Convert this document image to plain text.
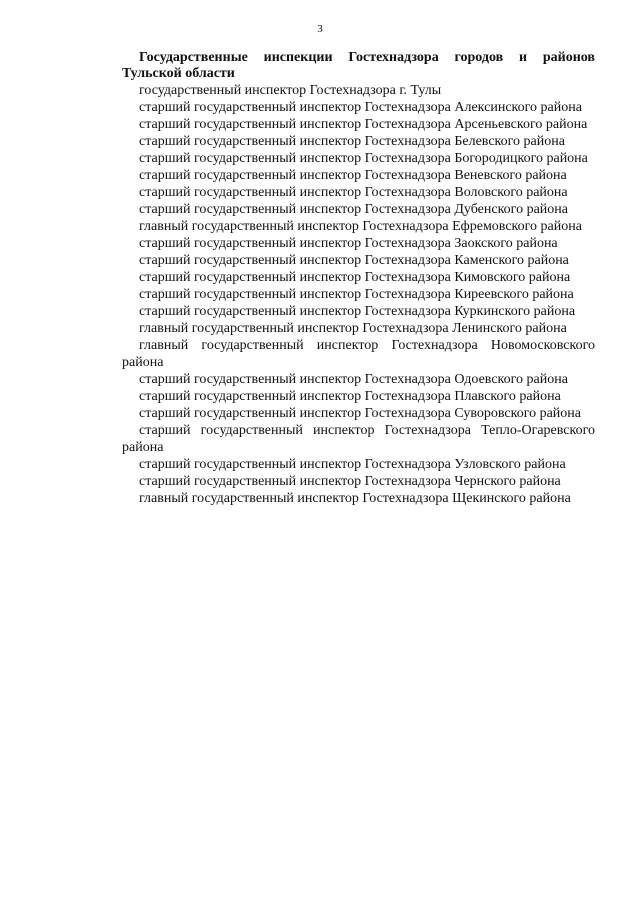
3

Государственные инспекции Гостехнадзора городов и районов Тульской области

государственный инспектор Гостехнадзора г. Тулы

старший государственный инспектор Гостехнадзора Алексинского района

старший государственный инспектор Гостехнадзора Арсеньевского района

старший государственный инспектор Гостехнадзора Белевского района

старший государственный инспектор Гостехнадзора Богородицкого района

старший государственный инспектор Гостехнадзора Веневского района

старший государственный инспектор Гостехнадзора Воловского района

старший государственный инспектор Гостехнадзора Дубенского района

главный государственный инспектор Гостехнадзора Ефремовского района

старший государственный инспектор Гостехнадзора Заокского района

старший государственный инспектор Гостехнадзора Каменского района

старший государственный инспектор Гостехнадзора Кимовского района

старший государственный инспектор Гостехнадзора Киреевского района

старший государственный инспектор Гостехнадзора Куркинского района

главный государственный инспектор Гостехнадзора Ленинского района

главный государственный инспектор Гостехнадзора Новомосковского района

старший государственный инспектор Гостехнадзора Одоевского района

старший государственный инспектор Гостехнадзора Плавского района

старший государственный инспектор Гостехнадзора Суворовского района

старший государственный инспектор Гостехнадзора Тепло-Огаревского района

старший государственный инспектор Гостехнадзора Узловского района

старший государственный инспектор Гостехнадзора Чернского района

главный государственный инспектор Гостехнадзора Щекинского района
